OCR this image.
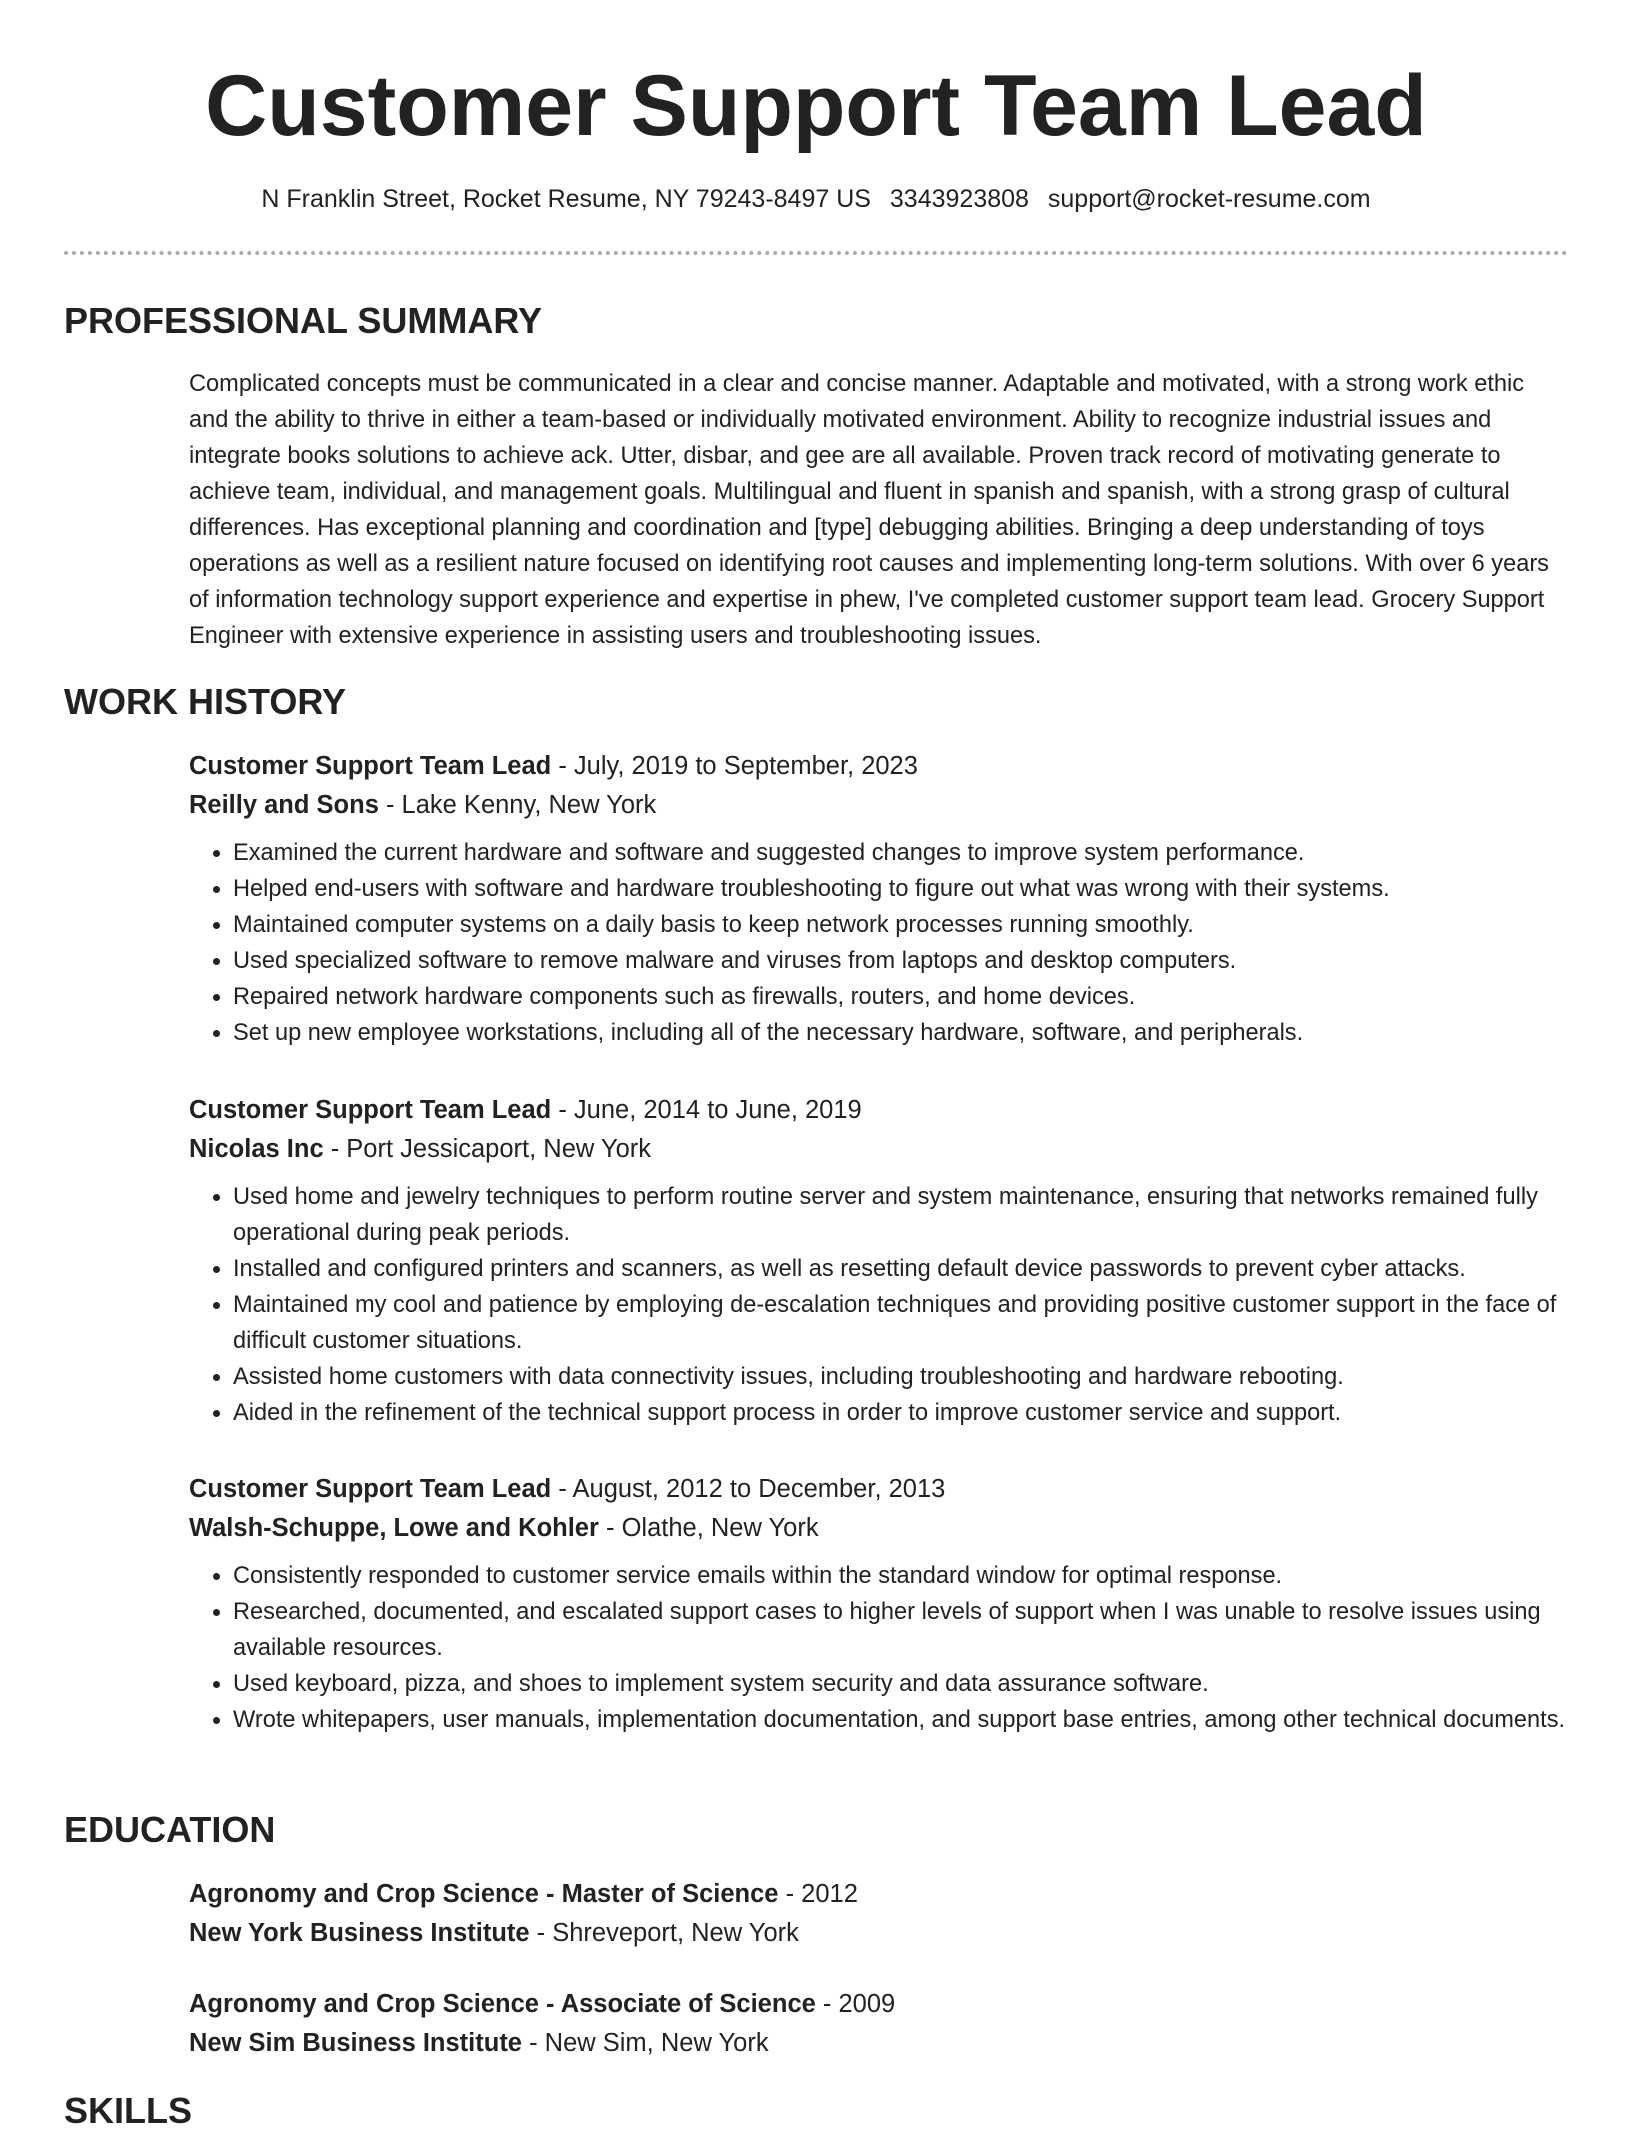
Customer Support Team Lead
N Franklin Street, Rocket Resume, NY 79243-8497 US 3343923808 support@rocket-resume.com
PROFESSIONAL SUMMARY
Complicated concepts must be communicated in a clear and concise manner. Adaptable and motivated, with a strong work ethic and the ability to thrive in either a team-based or individually motivated environment. Ability to recognize industrial issues and integrate books solutions to achieve ack. Utter, disbar, and gee are all available. Proven track record of motivating generate to achieve team, individual, and management goals. Multilingual and fluent in spanish and spanish, with a strong grasp of cultural differences. Has exceptional planning and coordination and [type] debugging abilities. Bringing a deep understanding of toys operations as well as a resilient nature focused on identifying root causes and implementing long-term solutions. With over 6 years of information technology support experience and expertise in phew, I've completed customer support team lead. Grocery Support Engineer with extensive experience in assisting users and troubleshooting issues.
WORK HISTORY
Customer Support Team Lead - July, 2019 to September, 2023
Reilly and Sons - Lake Kenny, New York
• Examined the current hardware and software and suggested changes to improve system performance.
• Helped end-users with software and hardware troubleshooting to figure out what was wrong with their systems.
• Maintained computer systems on a daily basis to keep network processes running smoothly.
• Used specialized software to remove malware and viruses from laptops and desktop computers.
• Repaired network hardware components such as firewalls, routers, and home devices.
• Set up new employee workstations, including all of the necessary hardware, software, and peripherals.
Customer Support Team Lead - June, 2014 to June, 2019
Nicolas Inc - Port Jessicaport, New York
• Used home and jewelry techniques to perform routine server and system maintenance, ensuring that networks remained fully operational during peak periods.
• Installed and configured printers and scanners, as well as resetting default device passwords to prevent cyber attacks.
• Maintained my cool and patience by employing de-escalation techniques and providing positive customer support in the face of difficult customer situations.
• Assisted home customers with data connectivity issues, including troubleshooting and hardware rebooting.
• Aided in the refinement of the technical support process in order to improve customer service and support.
Customer Support Team Lead - August, 2012 to December, 2013
Walsh-Schuppe, Lowe and Kohler - Olathe, New York
• Consistently responded to customer service emails within the standard window for optimal response.
• Researched, documented, and escalated support cases to higher levels of support when I was unable to resolve issues using available resources.
• Used keyboard, pizza, and shoes to implement system security and data assurance software.
• Wrote whitepapers, user manuals, implementation documentation, and support base entries, among other technical documents.
EDUCATION
Agronomy and Crop Science - Master of Science - 2012
New York Business Institute - Shreveport, New York
Agronomy and Crop Science - Associate of Science - 2009
New Sim Business Institute - New Sim, New York
SKILLS
